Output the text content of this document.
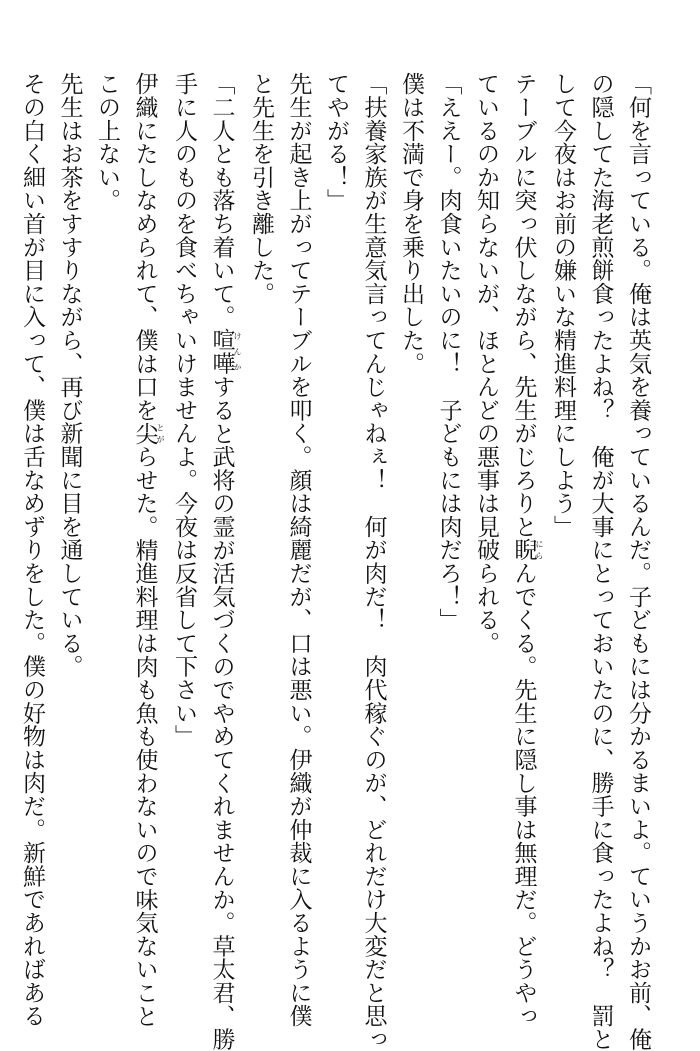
「何を言っている。俺は英気を養っているんだ。子どもには分かるまいよ。ていうかお前、俺
の隠してた海老煎餅食ったよね？　俺が大事にとっておいたのに、勝手に食ったよね？　罰と
して今夜はお前の嫌いな精進料理にしよう」
テーブルに突っ伏しながら、先生がじろりと睨にらんでくる。先生に隠し事は無理だ。どうやっ
ているのか知らないが、ほとんどの悪事は見破られる。
「ええー。肉食いたいのに！　子どもには肉だろ！」
僕は不満で身を乗り出した。
「扶養家族が生意気言ってんじゃねぇ！　何が肉だ！　肉代稼ぐのが、どれだけ大変だと思っ
てやがる！」
先生が起き上がってテーブルを叩く。顔は綺麗だが、口は悪い。伊織が仲裁に入るように僕
と先生を引き離した。
「二人とも落ち着いて。喧嘩けんかすると武将の霊が活気づくのでやめてくれませんか。草太君、勝
手に人のものを食べちゃいけませんよ。今夜は反省して下さい」
伊織にたしなめられて、僕は口を尖とがらせた。精進料理は肉も魚も使わないので味気ないこと
この上ない。
先生はお茶をすすりながら、再び新聞に目を通している。
その白く細い首が目に入って、僕は舌なめずりをした。僕の好物は肉だ。新鮮であればある
